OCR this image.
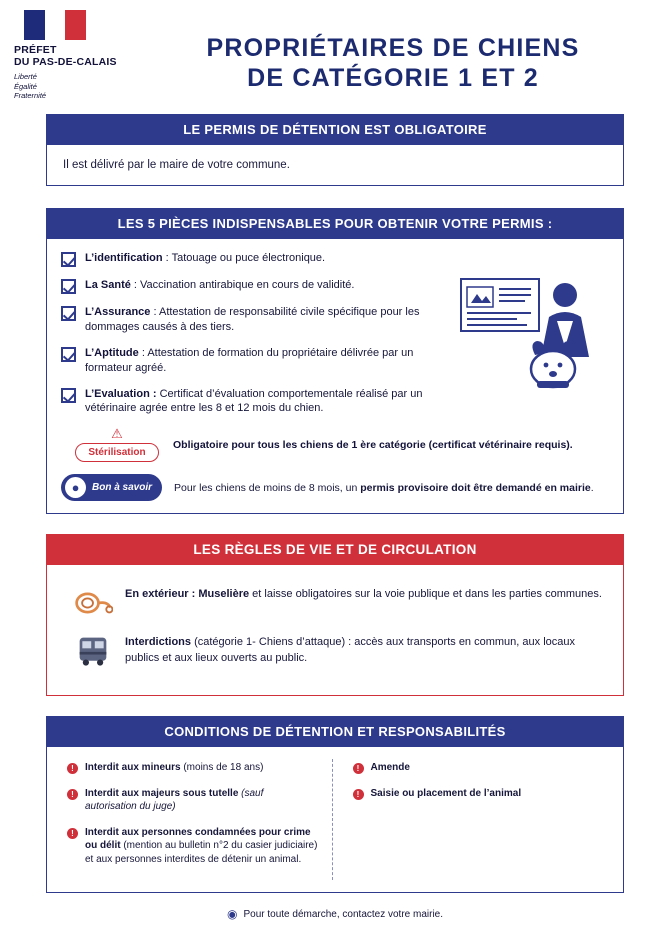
PRÉFET
DU PAS-DE-CALAIS
Liberté
Égalité
Fraternité
PROPRIÉTAIRES DE CHIENS
DE CATÉGORIE 1 ET 2
LE PERMIS DE DÉTENTION EST OBLIGATOIRE
Il est délivré par le maire de votre commune.
LES 5 PIÈCES INDISPENSABLES POUR OBTENIR VOTRE PERMIS :
L’identification : Tatouage ou puce électronique.
La Santé : Vaccination antirabique en cours de validité.
L’Assurance : Attestation de responsabilité civile spécifique pour les dommages causés à des tiers.
L’Aptitude : Attestation de formation du propriétaire délivrée par un formateur agréé.
L’Evaluation : Certificat d’évaluation comportementale réalisé par un vétérinaire agrée entre les 8 et 12 mois du chien.
⚠
Stérilisation
Obligatoire pour tous les chiens de 1 ère catégorie (certificat vétérinaire requis).
● Bon à savoir Pour les chiens de moins de 8 mois, un permis provisoire doit être demandé en mairie.
LES RÈGLES DE VIE ET DE CIRCULATION
En extérieur : Muselière et laisse obligatoires sur la voie publique et dans les parties communes.
Interdictions (catégorie 1- Chiens d’attaque) : accès aux transports en commun, aux locaux publics et aux lieux ouverts au public.
CONDITIONS DE DÉTENTION ET RESPONSABILITÉS
!	Interdit aux mineurs (moins de 18 ans)
!	Interdit aux majeurs sous tutelle (sauf autorisation du juge)
!	Interdit aux personnes condamnées pour crime ou délit (mention au bulletin n°2 du casier judiciaire) et aux personnes interdites de détenir un animal.
!	Amende
!	Saisie ou placement de l’animal
◉ Pour toute démarche, contactez votre mairie.
